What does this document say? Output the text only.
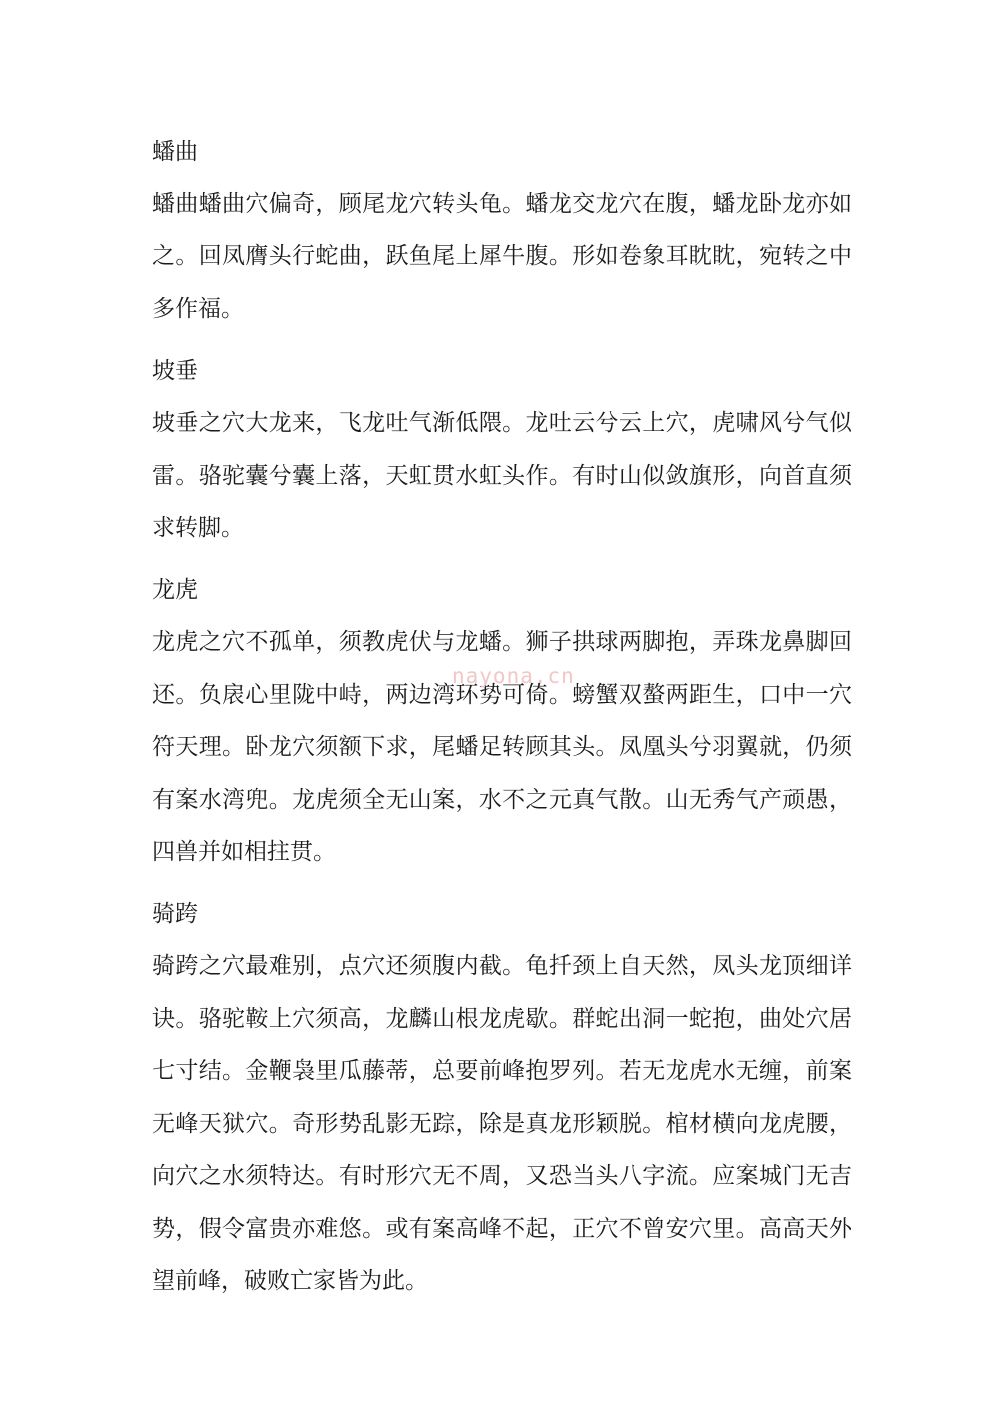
蟠曲

蟠曲蟠曲穴偏奇，顾尾龙穴转头龟。蟠龙交龙穴在腹，蟠龙卧龙亦如之。回凤膺头行蛇曲，跃鱼尾上犀牛腹。形如卷象耳眈眈，宛转之中多作福。

坡垂

坡垂之穴大龙来，飞龙吐气渐低隈。龙吐云兮云上穴，虎啸风兮气似雷。骆驼囊兮囊上落，天虹贯水虹头作。有时山似敛旗形，向首直须求转脚。

龙虎

龙虎之穴不孤单，须教虎伏与龙蟠。狮子拱球两脚抱，弄珠龙鼻脚回还。负扆心里陇中峙，两边湾环势可倚。螃蟹双螯两距生，口中一穴符天理。卧龙穴须额下求，尾蟠足转顾其头。凤凰头兮羽翼就，仍须有案水湾兜。龙虎须全无山案，水不之元真气散。山无秀气产顽愚，四兽并如相拄贯。

骑跨

骑跨之穴最难别，点穴还须腹内截。龟扦颈上自天然，凤头龙顶细详诀。骆驼鞍上穴须高，龙麟山根龙虎歇。群蛇出洞一蛇抱，曲处穴居七寸结。金鞭袅里瓜藤蒂，总要前峰抱罗列。若无龙虎水无缠，前案无峰天狱穴。奇形势乱影无踪，除是真龙形颖脱。棺材横向龙虎腰，向穴之水须特达。有时形穴无不周，又恐当头八字流。应案城门无吉势，假令富贵亦难悠。或有案高峰不起，正穴不曾安穴里。高高天外望前峰，破败亡家皆为此。

nayona.cn
